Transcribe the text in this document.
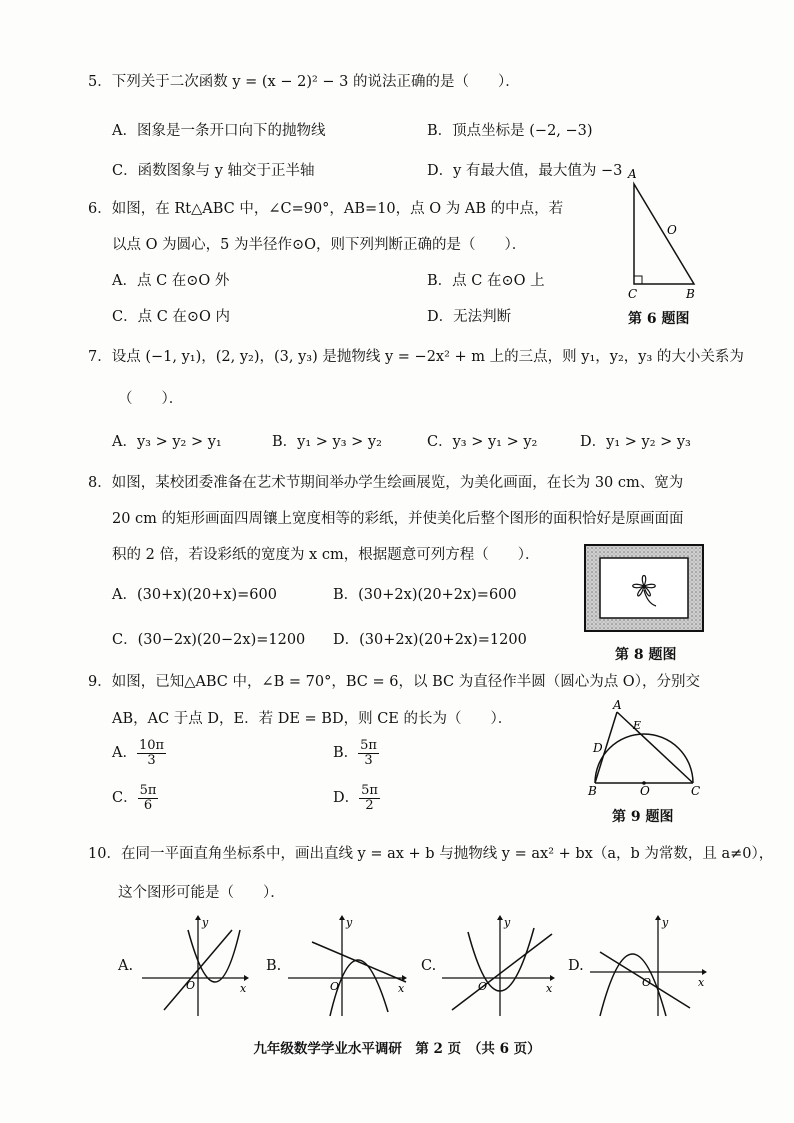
5．下列关于二次函数 y = (x − 2)² − 3 的说法正确的是（　　）．
A．图象是一条开口向下的抛物线	B．顶点坐标是 (−2, −3)
C．函数图象与 y 轴交于正半轴	D．y 有最大值，最大值为 −3
6．如图，在 Rt△ABC 中，∠C=90°，AB=10，点 O 为 AB 的中点，若
以点 O 为圆心，5 为半径作⊙O，则下列判断正确的是（　　）．
A．点 C 在⊙O 外	B．点 C 在⊙O 上
C．点 C 在⊙O 内	D．无法判断
A
O
C	B
第 6 题图
7．设点 (−1, y₁)，(2, y₂)，(3, y₃) 是抛物线 y = −2x² + m 上的三点，则 y₁，y₂，y₃ 的大小关系为
（　　）．
A．y₃ > y₂ > y₁	B．y₁ > y₃ > y₂	C．y₃ > y₁ > y₂	D．y₁ > y₂ > y₃
8．如图，某校团委准备在艺术节期间举办学生绘画展览，为美化画面，在长为 30 cm、宽为
20 cm 的矩形画面四周镶上宽度相等的彩纸，并使美化后整个图形的面积恰好是原画面面
积的 2 倍，若设彩纸的宽度为 x cm，根据题意可列方程（　　）．
A．(30+x)(20+x)=600	B．(30+2x)(20+2x)=600
C．(30−2x)(20−2x)=1200 D．(30+2x)(20+2x)=1200
第 8 题图
9．如图，已知△ABC 中，∠B = 70°，BC = 6，以 BC 为直径作半圆（圆心为点 O），分别交
AB，AC 于点 D，E．若 DE = BD，则 CE 的长为（　　）．
A． $\frac{10\pi}{3}$	B． $\frac{5\pi}{3}$
C． $\frac{5\pi}{6}$	D． $\frac{5\pi}{2}$
A
E
D
B	O	C
第 9 题图
10．在同一平面直角坐标系中，画出直线 y = ax + b 与抛物线 y = ax² + bx（a，b 为常数，且 a≠0），
这个图形可能是（　　）．
A.
y
x
O
B.
y
x
O
C.
y
x
O
D.
y
x
O
九年级数学学业水平调研　第 2 页　（共 6 页）
